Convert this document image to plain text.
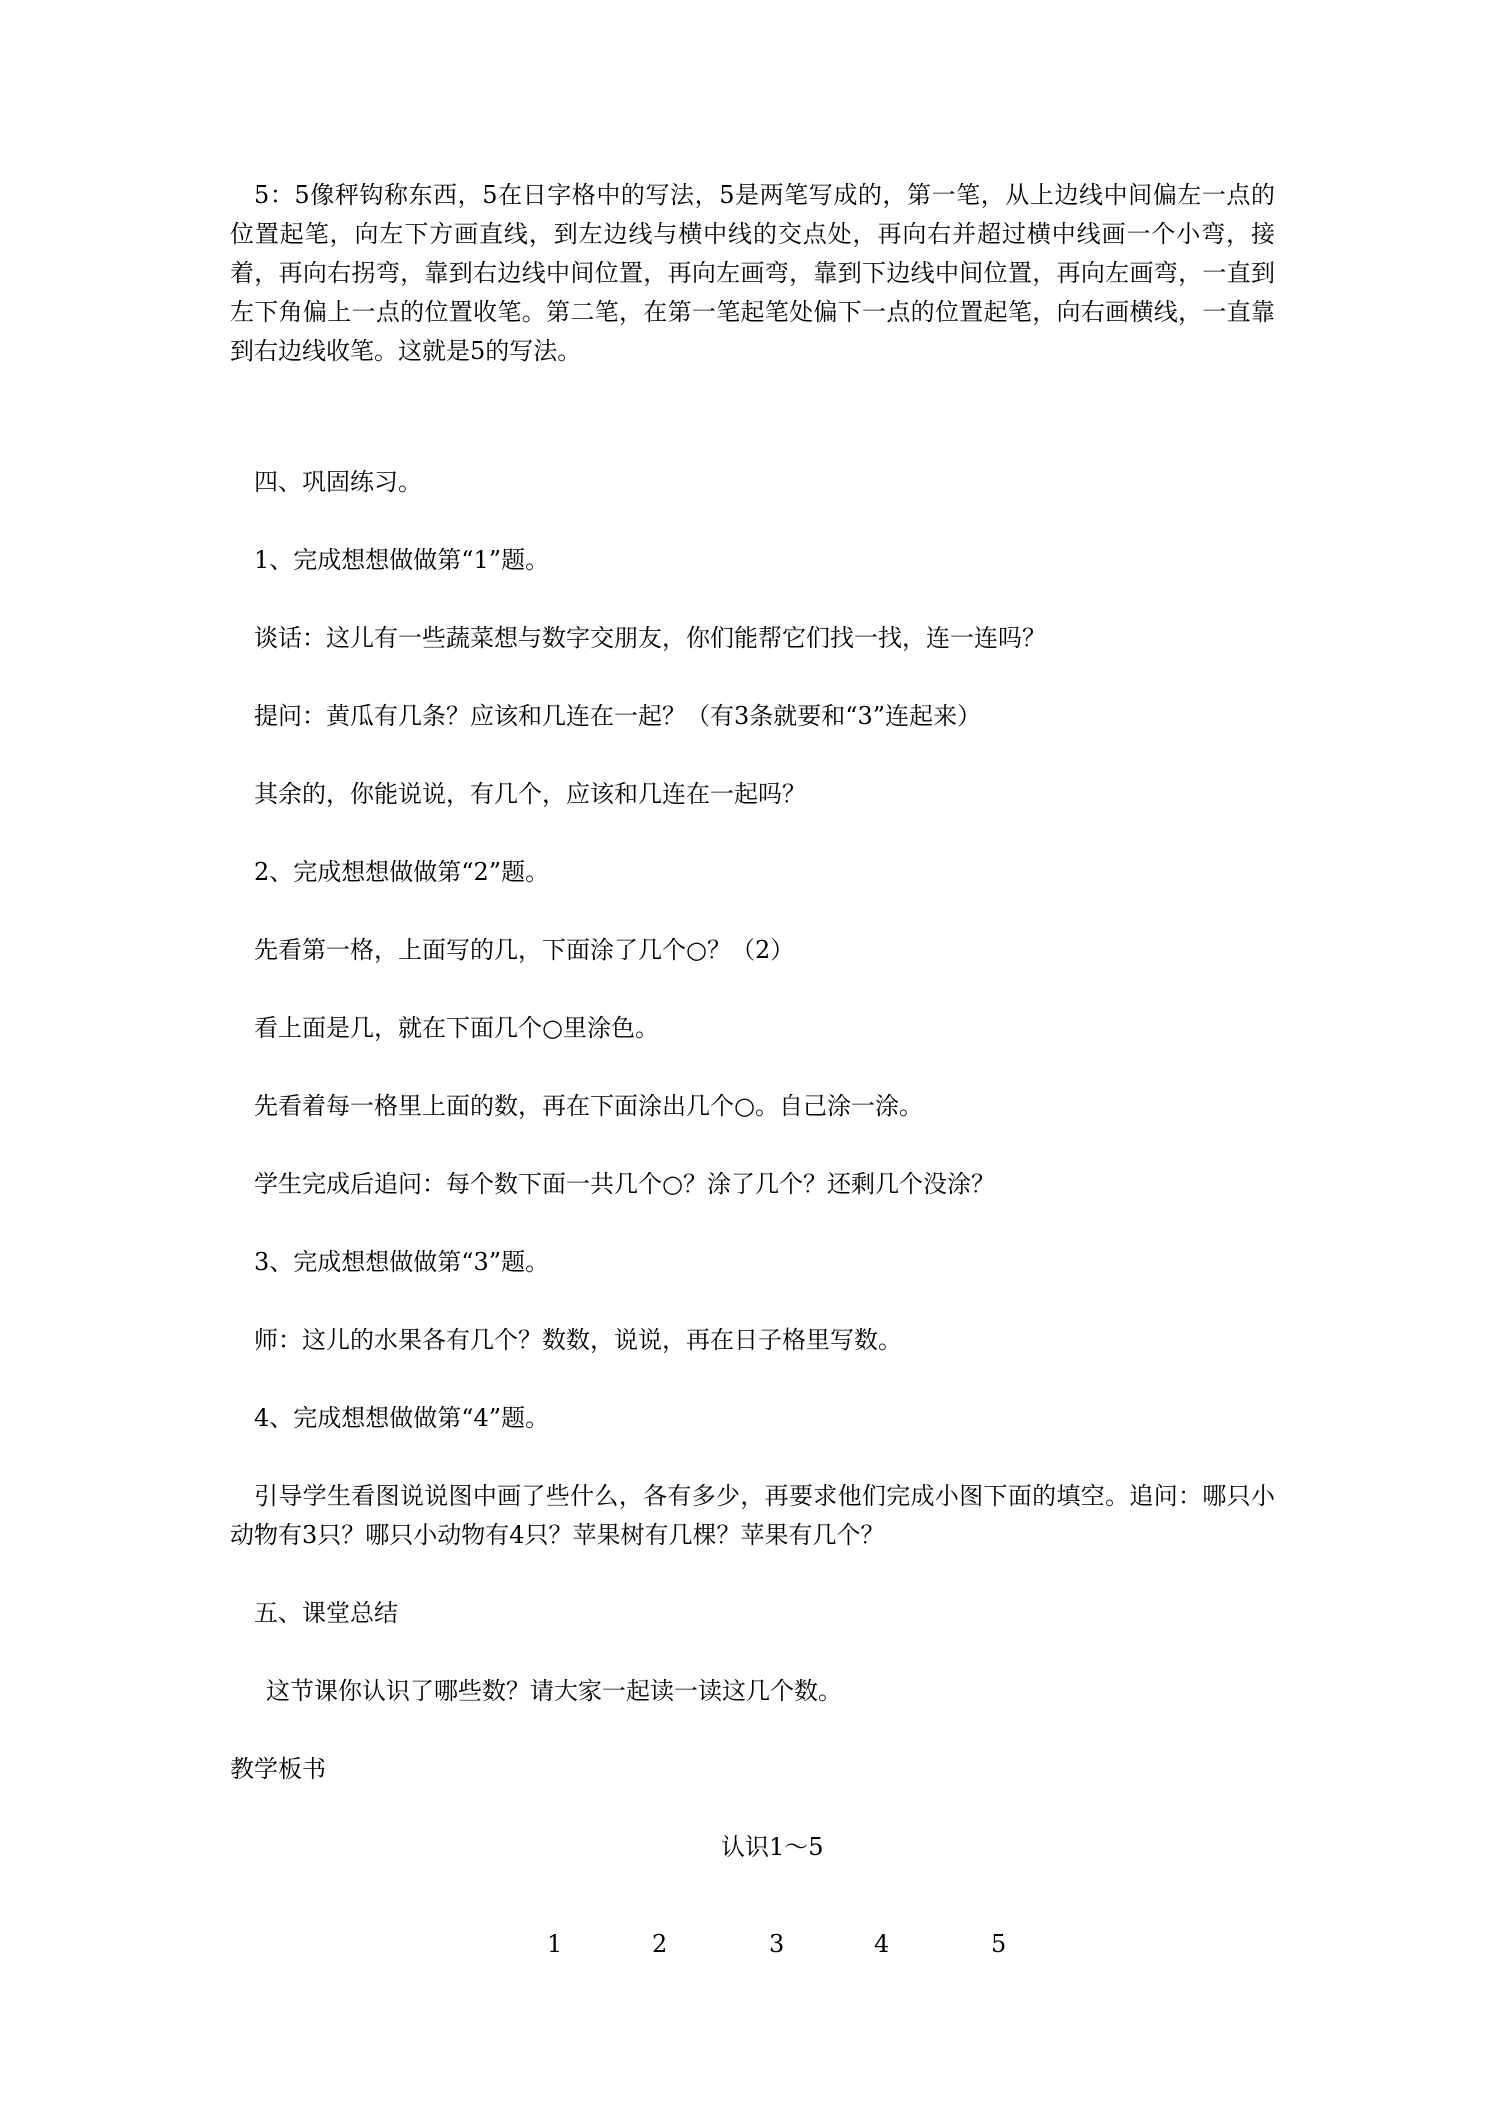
5：5像秤钩称东西，5在日字格中的写法，5是两笔写成的，第一笔，从上边线中间偏左一点的位置起笔，向左下方画直线，到左边线与横中线的交点处，再向右并超过横中线画一个小弯，接着，再向右拐弯，靠到右边线中间位置，再向左画弯，靠到下边线中间位置，再向左画弯，一直到左下角偏上一点的位置收笔。第二笔，在第一笔起笔处偏下一点的位置起笔，向右画横线，一直靠到右边线收笔。这就是5的写法。

四、巩固练习。
1、完成想想做做第“1”题。
谈话：这儿有一些蔬菜想与数字交朋友，你们能帮它们找一找，连一连吗？
提问：黄瓜有几条？应该和几连在一起？（有3条就要和“3”连起来）
其余的，你能说说，有几个，应该和几连在一起吗？
2、完成想想做做第“2”题。
先看第一格，上面写的几，下面涂了几个○？（2）
看上面是几，就在下面几个○里涂色。
先看着每一格里上面的数，再在下面涂出几个○。自己涂一涂。
学生完成后追问：每个数下面一共几个○？涂了几个？还剩几个没涂？
3、完成想想做做第“3”题。
师：这儿的水果各有几个？数数，说说，再在日子格里写数。
4、完成想想做做第“4”题。

引导学生看图说说图中画了些什么，各有多少，再要求他们完成小图下面的填空。追问：哪只小动物有3只？哪只小动物有4只？苹果树有几棵？苹果有几个？

五、课堂总结
这节课你认识了哪些数？请大家一起读一读这几个数。
教学板书
认识1～5
1	2	3	4	5
